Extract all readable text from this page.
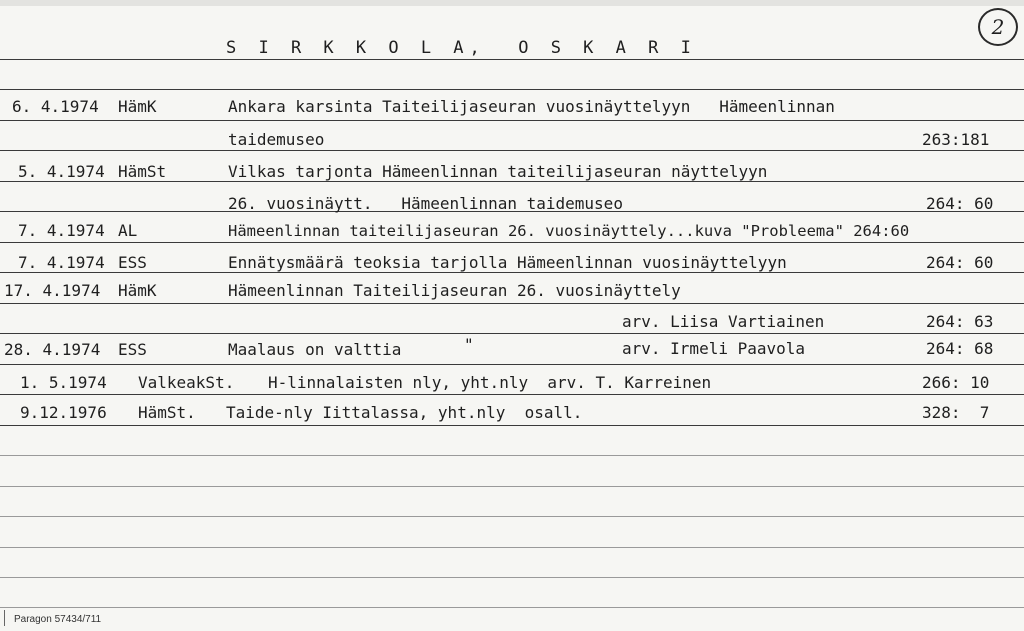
S I R K K O L A,  O S K A R I
2
6. 4.1974 HämK	Ankara karsinta Taiteilijaseuran vuosinäyttelyyn   Hämeenlinnan
taidemuseo	263:181
5. 4.1974 HämSt	Vilkas tarjonta Hämeenlinnan taiteilijaseuran näyttelyyn
26. vuosinäytt.   Hämeenlinnan taidemuseo	264: 60
7. 4.1974 AL	Hämeenlinnan taiteilijaseuran 26. vuosinäyttely...kuva "Probleema" 264:60
7. 4.1974 ESS	Ennätysmäärä teoksia tarjolla Hämeenlinnan vuosinäyttelyyn	264: 60
17. 4.1974 HämK	Hämeenlinnan Taiteilijaseuran 26. vuosinäyttely
arv. Liisa Vartiainen	264: 63
28. 4.1974 ESS	Maalaus on valttia	"	arv. Irmeli Paavola	264: 68
1. 5.1974 ValkeakSt. H-linnalaisten nly, yht.nly  arv. T. Karreinen	266: 10
9.12.1976 HämSt. Taide-nly Iittalassa, yht.nly  osall.	328:  7
Paragon 57434/711
